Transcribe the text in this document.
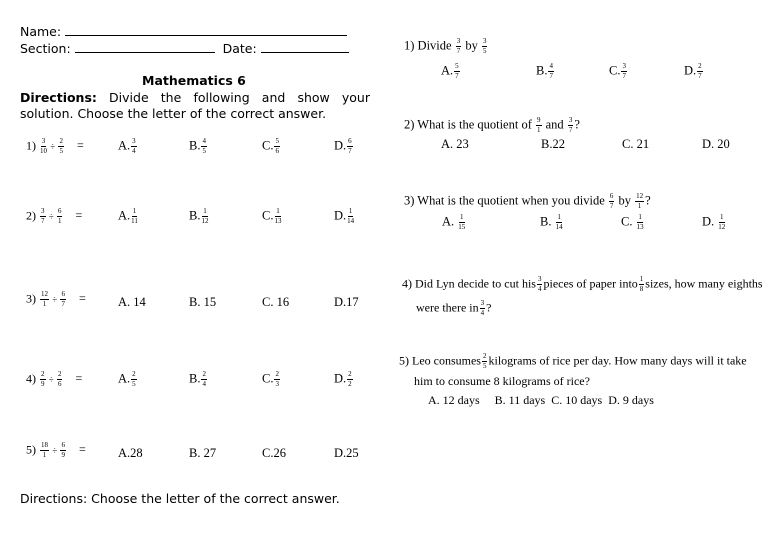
Name:
Section:	Date:
Mathematics 6
Directions: Divide the following and show your solution. Choose the letter of the correct answer.
$1) \frac{3}{10} \div \frac{2}{5}$ =	A. $\frac{3}{4}$	B. $\frac{4}{5}$	C. $\frac{5}{6}$	D. $\frac{6}{7}$
$2) \frac{3}{7} \div \frac{6}{1}$ =	A. $\frac{1}{11}$	B. $\frac{1}{12}$	C. $\frac{1}{13}$	D. $\frac{1}{14}$
$3) \frac{12}{1} \div \frac{6}{7}$ =	A. 14	B. 15	C. 16	D.17
$4) \frac{2}{9} \div \frac{2}{6}$ =	A. $\frac{2}{5}$	B. $\frac{2}{4}$	C. $\frac{2}{3}$	D. $\frac{2}{2}$
$5) \frac{18}{1} \div \frac{6}{9}$ =	A.28	B. 27	C.26	D.25
Directions: Choose the letter of the correct answer.
1) Divide $\frac{3}{7}$ by $\frac{3}{5}$
A. $\frac{5}{7}$	B. $\frac{4}{7}$	C. $\frac{3}{7}$	D. $\frac{2}{7}$
2) What is the quotient of $\frac{9}{1}$ and $\frac{3}{7}$ ?
A. 23	B.22	C. 21	D. 20
3) What is the quotient when you divide $\frac{6}{7}$ by $\frac{12}{1}$ ?
A. $\frac{1}{15}$	B. $\frac{1}{14}$	C. $\frac{1}{13}$	D. $\frac{1}{12}$
4) Did Lyn decide to cut his $\frac{3}{4}$ pieces of paper into $\frac{1}{8}$ sizes, how many eighths
were there in $\frac{3}{4}$ ?
5) Leo consumes $\frac{2}{5}$ kilograms of rice per day. How many days will it take
him to consume 8 kilograms of rice?
A. 12 days     B. 11 days  C. 10 days  D. 9 days
